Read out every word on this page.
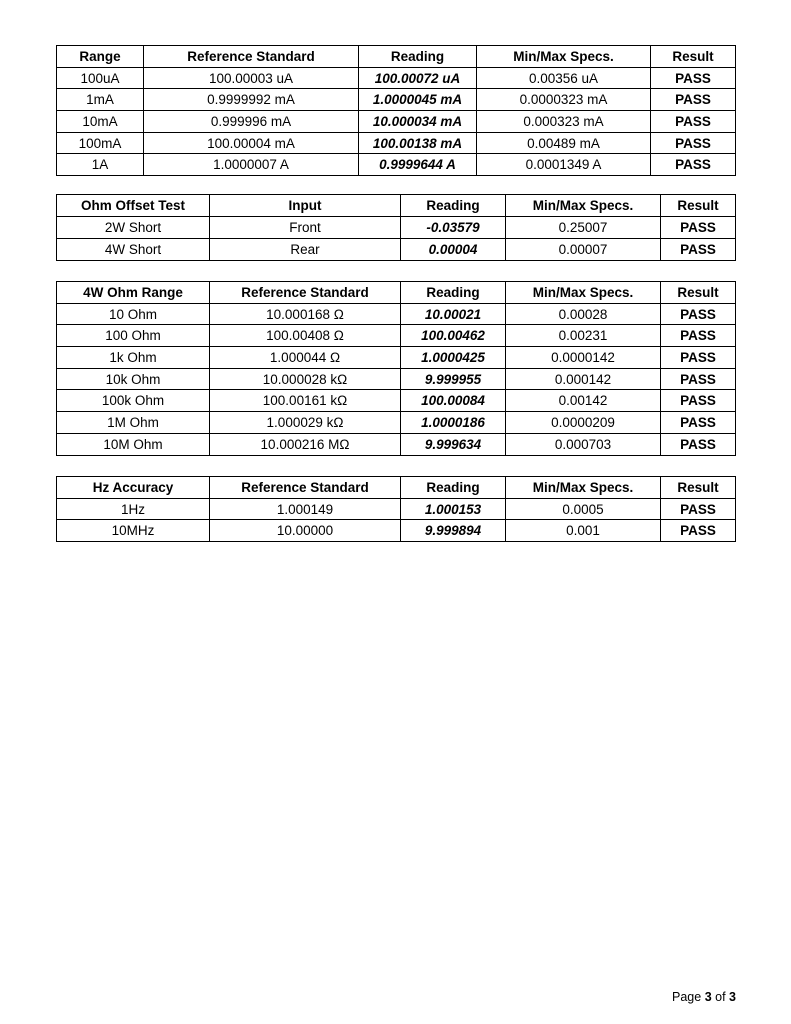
Range	Reference Standard	Reading	Min/Max Specs.	Result
100uA	100.00003 uA	100.00072 uA	0.00356 uA	PASS
1mA	0.9999992 mA	1.0000045 mA	0.0000323 mA	PASS
10mA	0.999996 mA	10.000034 mA	0.000323 mA	PASS
100mA	100.00004 mA	100.00138 mA	0.00489 mA	PASS
1A	1.0000007 A	0.9999644 A	0.0001349 A	PASS
Ohm Offset Test	Input	Reading	Min/Max Specs.	Result
2W Short	Front	-0.03579	0.25007	PASS
4W Short	Rear	0.00004	0.00007	PASS
4W Ohm Range	Reference Standard	Reading	Min/Max Specs.	Result
10 Ohm	10.000168 Ω	10.00021	0.00028	PASS
100 Ohm	100.00408 Ω	100.00462	0.00231	PASS
1k Ohm	1.000044 Ω	1.0000425	0.0000142	PASS
10k Ohm	10.000028 kΩ	9.999955	0.000142	PASS
100k Ohm	100.00161 kΩ	100.00084	0.00142	PASS
1M Ohm	1.000029 kΩ	1.0000186	0.0000209	PASS
10M Ohm	10.000216 MΩ	9.999634	0.000703	PASS
Hz Accuracy	Reference Standard	Reading	Min/Max Specs.	Result
1Hz	1.000149	1.000153	0.0005	PASS
10MHz	10.00000	9.999894	0.001	PASS
Page 3 of 3
